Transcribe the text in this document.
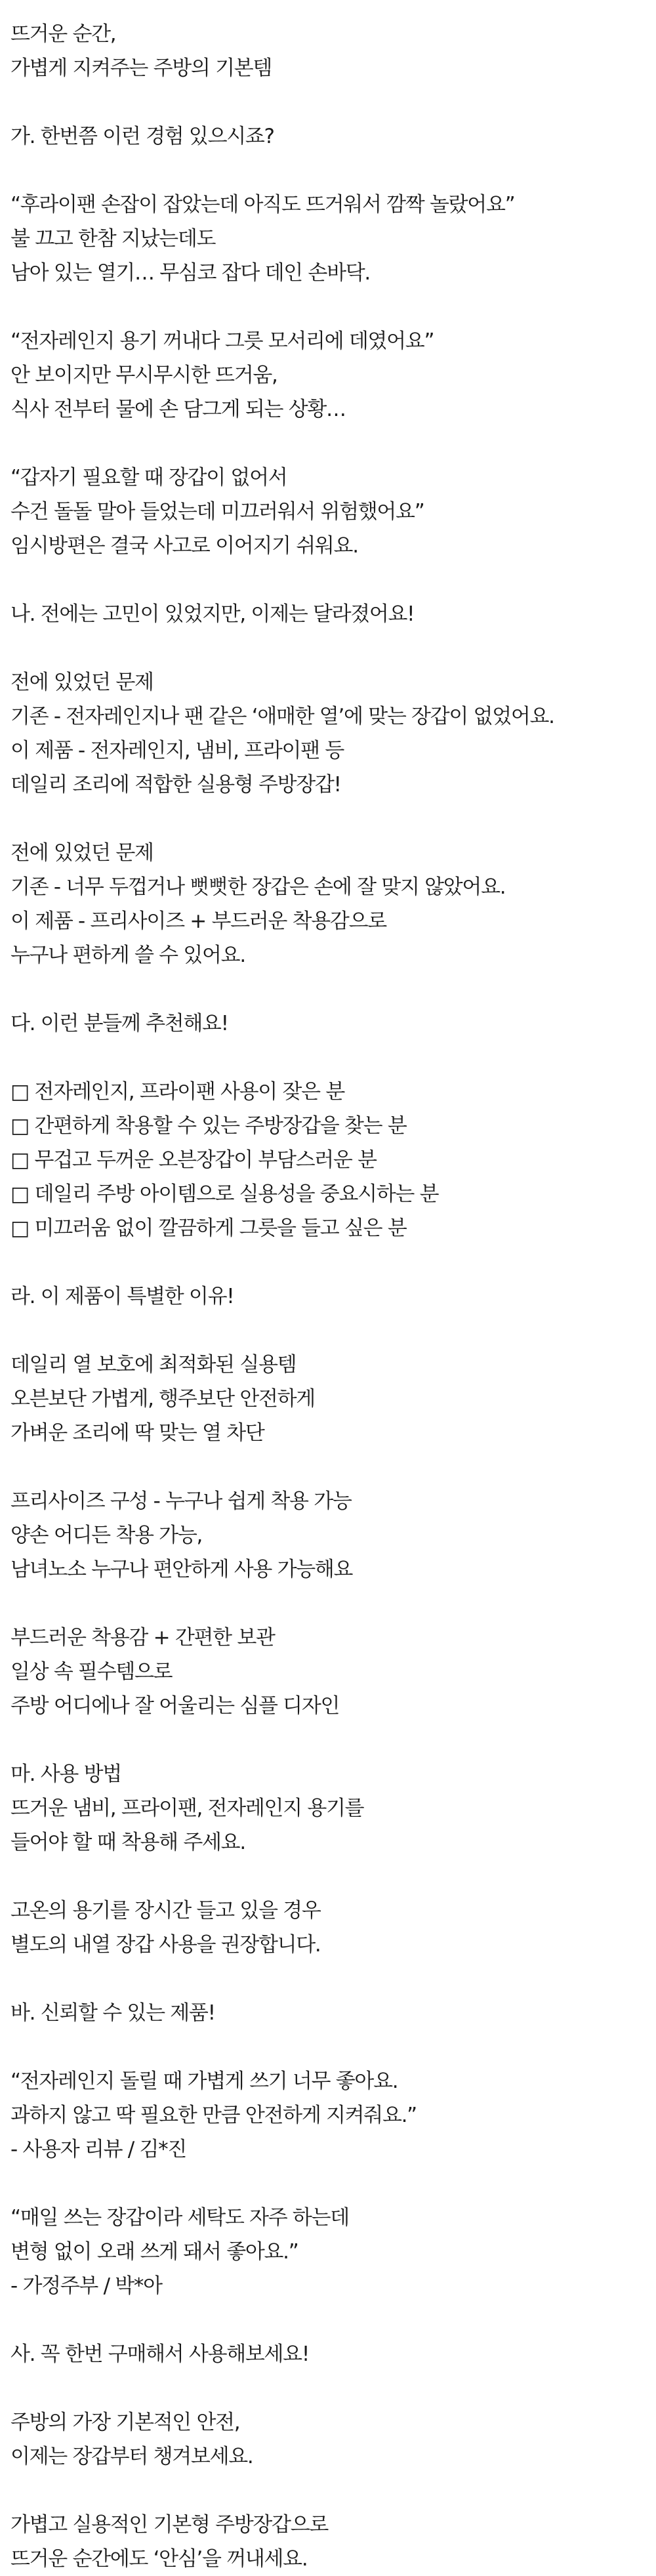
뜨거운 순간,
가볍게 지켜주는 주방의 기본템
가. 한번쯤 이런 경험 있으시죠?
“후라이팬 손잡이 잡았는데 아직도 뜨거워서 깜짝 놀랐어요”
불 끄고 한참 지났는데도
남아 있는 열기… 무심코 잡다 데인 손바닥.
“전자레인지 용기 꺼내다 그릇 모서리에 데였어요”
안 보이지만 무시무시한 뜨거움,
식사 전부터 물에 손 담그게 되는 상황…
“갑자기 필요할 때 장갑이 없어서
수건 돌돌 말아 들었는데 미끄러워서 위험했어요”
임시방편은 결국 사고로 이어지기 쉬워요.
나. 전에는 고민이 있었지만, 이제는 달라졌어요!
전에 있었던 문제
기존 - 전자레인지나 팬 같은 ‘애매한 열’에 맞는 장갑이 없었어요.
이 제품 - 전자레인지, 냄비, 프라이팬 등
데일리 조리에 적합한 실용형 주방장갑!
전에 있었던 문제
기존 - 너무 두껍거나 뻣뻣한 장갑은 손에 잘 맞지 않았어요.
이 제품 - 프리사이즈 + 부드러운 착용감으로
누구나 편하게 쓸 수 있어요.
다. 이런 분들께 추천해요!
□ 전자레인지, 프라이팬 사용이 잦은 분
□ 간편하게 착용할 수 있는 주방장갑을 찾는 분
□ 무겁고 두꺼운 오븐장갑이 부담스러운 분
□ 데일리 주방 아이템으로 실용성을 중요시하는 분
□ 미끄러움 없이 깔끔하게 그릇을 들고 싶은 분
라. 이 제품이 특별한 이유!
데일리 열 보호에 최적화된 실용템
오븐보단 가볍게, 행주보단 안전하게
가벼운 조리에 딱 맞는 열 차단
프리사이즈 구성 - 누구나 쉽게 착용 가능
양손 어디든 착용 가능,
남녀노소 누구나 편안하게 사용 가능해요
부드러운 착용감 + 간편한 보관
일상 속 필수템으로
주방 어디에나 잘 어울리는 심플 디자인
마. 사용 방법
뜨거운 냄비, 프라이팬, 전자레인지 용기를
들어야 할 때 착용해 주세요.
고온의 용기를 장시간 들고 있을 경우
별도의 내열 장갑 사용을 권장합니다.
바. 신뢰할 수 있는 제품!
“전자레인지 돌릴 때 가볍게 쓰기 너무 좋아요.
과하지 않고 딱 필요한 만큼 안전하게 지켜줘요.”
- 사용자 리뷰 / 김*진
“매일 쓰는 장갑이라 세탁도 자주 하는데
변형 없이 오래 쓰게 돼서 좋아요.”
- 가정주부 / 박*아
사. 꼭 한번 구매해서 사용해보세요!
주방의 가장 기본적인 안전,
이제는 장갑부터 챙겨보세요.
가볍고 실용적인 기본형 주방장갑으로
뜨거운 순간에도 ‘안심’을 꺼내세요.
